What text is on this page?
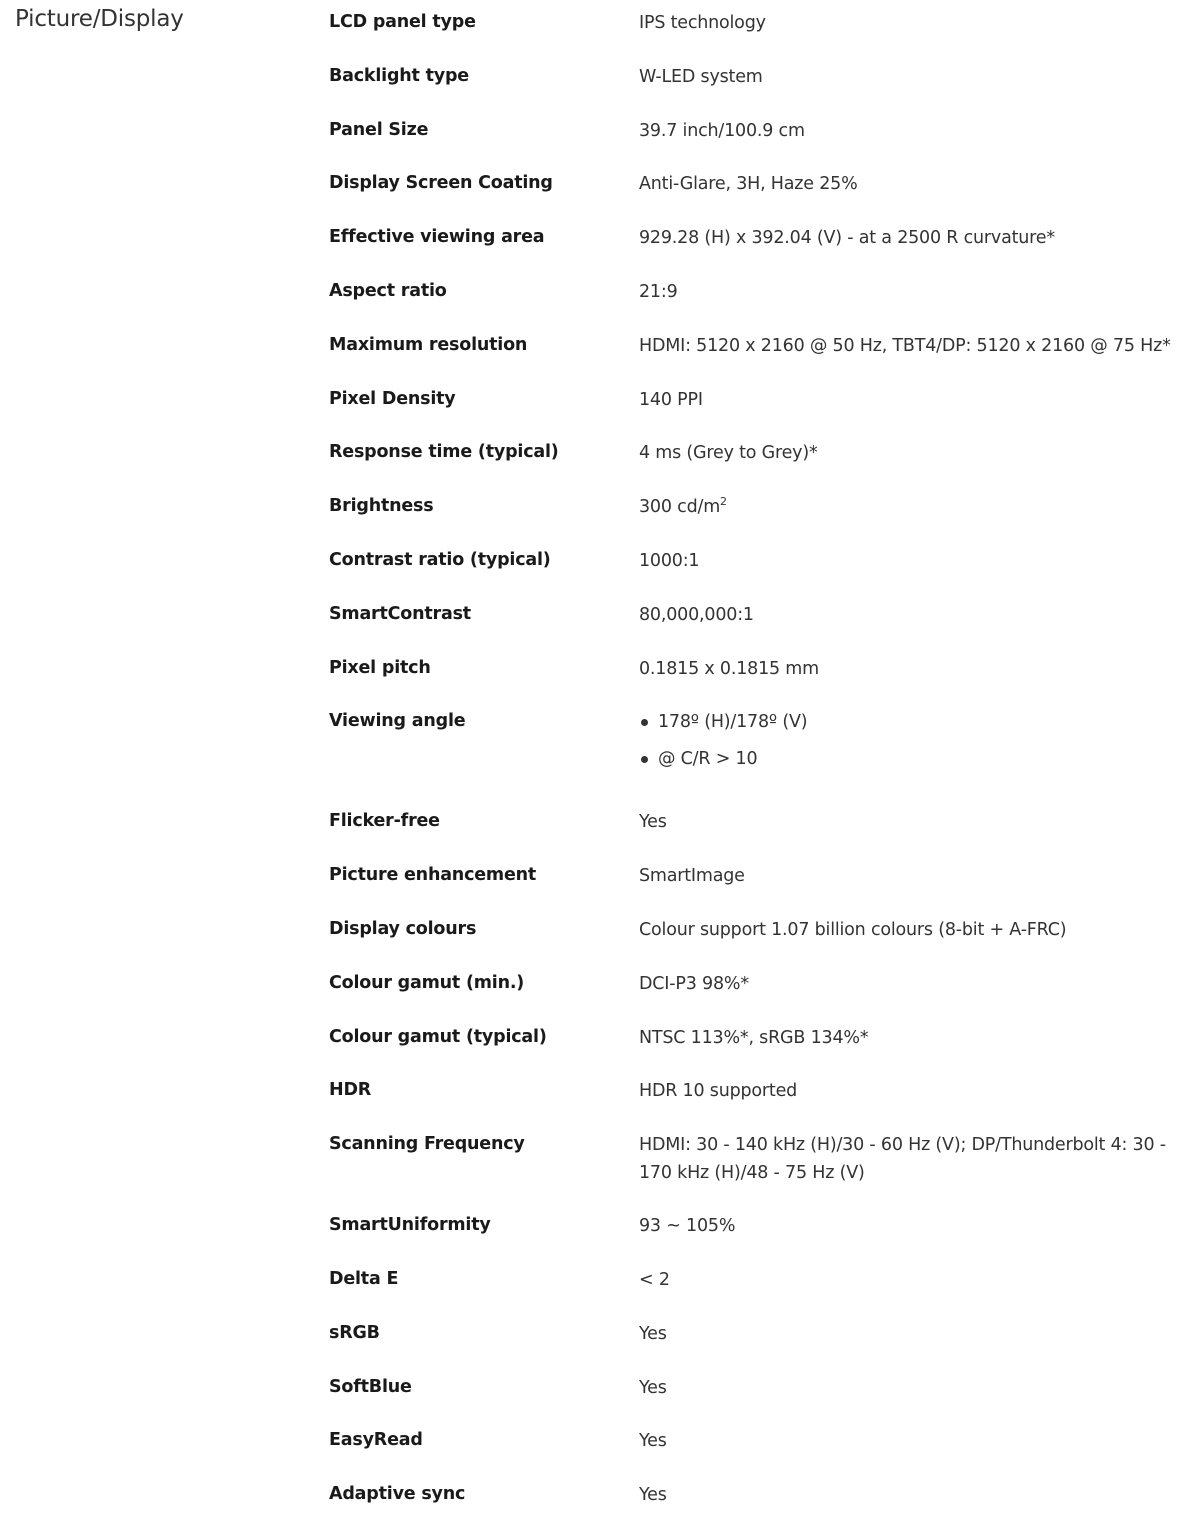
Picture/Display	LCD panel type	IPS technology
Backlight type	W-LED system
Panel Size	39.7 inch/100.9 cm
Display Screen Coating	Anti-Glare, 3H, Haze 25%
Effective viewing area	929.28 (H) x 392.04 (V) - at a 2500 R curvature*
Aspect ratio	21:9
Maximum resolution	HDMI: 5120 x 2160 @ 50 Hz, TBT4/DP: 5120 x 2160 @ 75 Hz*
Pixel Density	140 PPI
Response time (typical)	4 ms (Grey to Grey)*
Brightness	300 $cd/m^2$
Contrast ratio (typical)	1000:1
SmartContrast	80,000,000:1
Pixel pitch	0.1815 x 0.1815 mm
Viewing angle	178º (H)/178º (V)
@ C/R > 10
Flicker-free	Yes
Picture enhancement	SmartImage
Display colours	Colour support 1.07 billion colours (8-bit + A-FRC)
Colour gamut (min.)	DCI-P3 98%*
Colour gamut (typical)	NTSC 113%*, sRGB 134%*
HDR	HDR 10 supported
Scanning Frequency	HDMI: 30 - 140 kHz (H)/30 - 60 Hz (V); DP/Thunderbolt 4: 30 - 170 kHz (H)/48 - 75 Hz (V)
SmartUniformity	93 ~ 105%
Delta E	< 2
sRGB	Yes
SoftBlue	Yes
EasyRead	Yes
Adaptive sync	Yes
